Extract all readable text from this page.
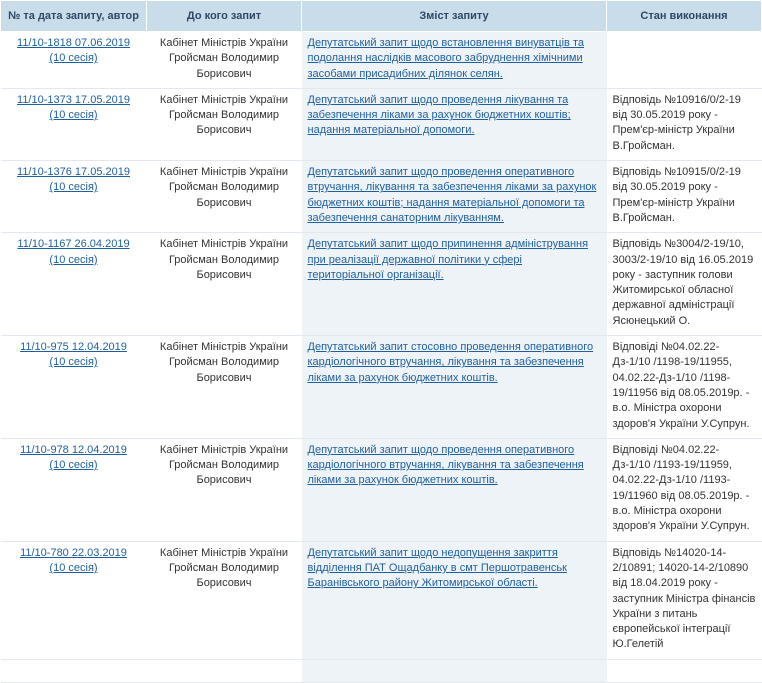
№ та дата запиту, автор	До кого запит	Зміст запиту	Стан виконання
11/10-1818 07.06.2019
(10 сесія)	Кабінет Міністрів України Гройсман Володимир Борисович	Депутатський запит щодо встановлення винуватців та подолання наслідків масового забруднення хімічними засобами присадибних ділянок селян.	
11/10-1373 17.05.2019
(10 сесія)	Кабінет Міністрів України Гройсман Володимир Борисович	Депутатський запит щодо проведення лікування та забезпечення ліками за рахунок бюджетних коштів; надання матеріальної допомоги.	Відповідь №10916/0/2-19 від 30.05.2019 року - Прем'єр-міністр України В.Гройсман.
11/10-1376 17.05.2019
(10 сесія)	Кабінет Міністрів України Гройсман Володимир Борисович	Депутатський запит щодо проведення оперативного втручання, лікування та забезпечення ліками за рахунок бюджетних коштів; надання матеріальної допомоги та забезпечення санаторним лікуванням.	Відповідь №10915/0/2-19 від 30.05.2019 року - Прем'єр-міністр України В.Гройсман.
11/10-1167 26.04.2019
(10 сесія)	Кабінет Міністрів України Гройсман Володимир Борисович	Депутатський запит щодо припинення адміністрування при реалізації державної політики у сфері територіальної організації.	Відповідь №3004/2-19/10, 3003/2-19/10 від 16.05.2019 року - заступник голови Житомирської обласної державної адміністрації Ясюнецький О.
11/10-975 12.04.2019
(10 сесія)	Кабінет Міністрів України Гройсман Володимир Борисович	Депутатський запит стосовно проведення оперативного кардіологічного втручання, лікування та забезпечення ліками за рахунок бюджетних коштів.	Відповіді №04.02.22-Дз-1/10 /1198-19/11955, 04.02.22-Дз-1/10 /1198-19/11956 від 08.05.2019р. - в.о. Міністра охорони здоров'я України У.Супрун.
11/10-978 12.04.2019
(10 сесія)	Кабінет Міністрів України Гройсман Володимир Борисович	Депутатський запит щодо проведення оперативного кардіологічного втручання, лікування та забезпечення ліками за рахунок бюджетних коштів.	Відповіді №04.02.22-Дз-1/10 /1193-19/11959, 04.02.22-Дз-1/10 /1193-19/11960 від 08.05.2019р. - в.о. Міністра охорони здоров'я України У.Супрун.
11/10-780 22.03.2019
(10 сесія)	Кабінет Міністрів України Гройсман Володимир Борисович	Депутатський запит щодо недопущення закриття відділення ПАТ Ощадбанку в смт Першотравенськ Баранівського району Житомирської області.	Відповідь №14020-14-2/10891; 14020-14-2/10890 від 18.04.2019 року - заступник Міністра фінансів України з питань європейської інтеграції Ю.Гелетій
